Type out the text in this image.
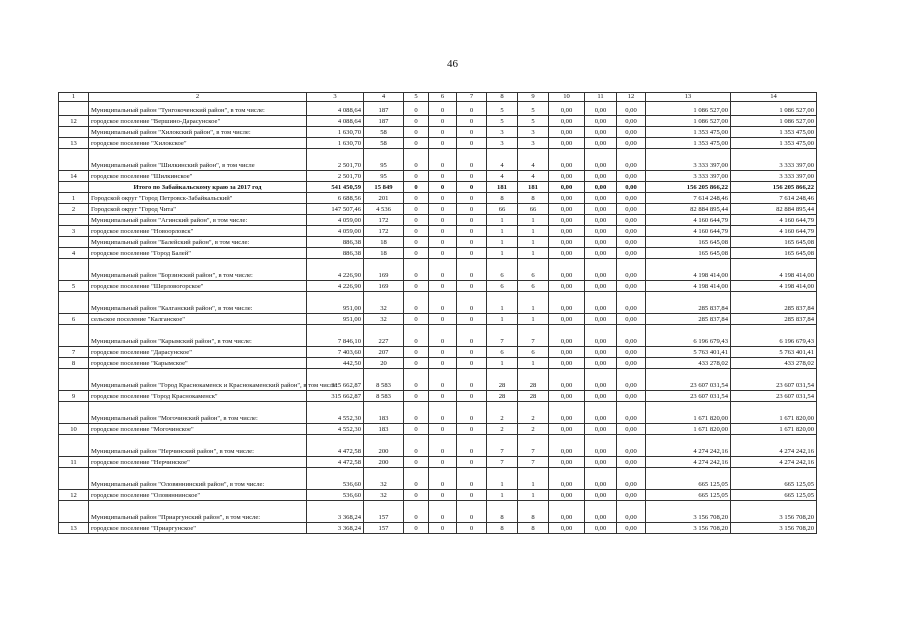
46
1	2	3	4	5	6	7	8	9	10	11	12	13	14
	Муниципальный район "Тунгокоченский район", в том числе:	4 088,64	187	0	0	0	5	5	0,00	0,00	0,00	1 086 527,00	1 086 527,00
12	городское поселение "Вершино-Дарасунское"	4 088,64	187	0	0	0	5	5	0,00	0,00	0,00	1 086 527,00	1 086 527,00
	Муниципальный район "Хилокский район", в том числе:	1 630,70	58	0	0	0	3	3	0,00	0,00	0,00	1 353 475,00	1 353 475,00
13	городское поселение "Хилокское"	1 630,70	58	0	0	0	3	3	0,00	0,00	0,00	1 353 475,00	1 353 475,00
	Муниципальный район "Шилкинский район", в том числе	2 501,70	95	0	0	0	4	4	0,00	0,00	0,00	3 333 397,00	3 333 397,00
14	городское поселение "Шилкинское"	2 501,70	95	0	0	0	4	4	0,00	0,00	0,00	3 333 397,00	3 333 397,00
	Итого по Забайкальскому краю за 2017 год	541 450,59	15 849	0	0	0	181	181	0,00	0,00	0,00	156 205 866,22	156 205 866,22
1	Городской округ "Город Петровск-Забайкальский"	6 688,56	201	0	0	0	8	8	0,00	0,00	0,00	7 614 248,46	7 614 248,46
2	Городской округ "Город Чита"	147 507,46	4 536	0	0	0	66	66	0,00	0,00	0,00	82 884 895,44	82 884 895,44
	Муниципальный район "Агинский район", в том числе:	4 059,00	172	0	0	0	1	1	0,00	0,00	0,00	4 160 644,79	4 160 644,79
3	городское поселение "Новоорловск"	4 059,00	172	0	0	0	1	1	0,00	0,00	0,00	4 160 644,79	4 160 644,79
	Муниципальный район "Балейский район", в том числе:	886,38	18	0	0	0	1	1	0,00	0,00	0,00	165 645,08	165 645,08
4	городское поселение "Город Балей"	886,38	18	0	0	0	1	1	0,00	0,00	0,00	165 645,08	165 645,08
	Муниципальный район "Борзинский район", в том числе:	4 226,90	169	0	0	0	6	6	0,00	0,00	0,00	4 198 414,00	4 198 414,00
5	городское поселение "Шерловогорское"	4 226,90	169	0	0	0	6	6	0,00	0,00	0,00	4 198 414,00	4 198 414,00
	Муниципальный район "Калганский район", в том числе:	951,00	32	0	0	0	1	1	0,00	0,00	0,00	285 837,84	285 837,84
6	сельское поселение "Калганское"	951,00	32	0	0	0	1	1	0,00	0,00	0,00	285 837,84	285 837,84
	Муниципальный район "Карымский район", в том числе:	7 846,10	227	0	0	0	7	7	0,00	0,00	0,00	6 196 679,43	6 196 679,43
7	городское поселение "Дарасунское"	7 403,60	207	0	0	0	6	6	0,00	0,00	0,00	5 763 401,41	5 763 401,41
8	городское поселение "Карымское"	442,50	20	0	0	0	1	1	0,00	0,00	0,00	433 278,02	433 278,02
	Муниципальный район "Город Краснокаменск и Краснокаменский район", в том числе:	315 662,87	8 583	0	0	0	28	28	0,00	0,00	0,00	23 607 031,54	23 607 031,54
9	городское поселение "Город Краснокаменск"	315 662,87	8 583	0	0	0	28	28	0,00	0,00	0,00	23 607 031,54	23 607 031,54
	Муниципальный район "Могочинский район", в том числе:	4 552,30	183	0	0	0	2	2	0,00	0,00	0,00	1 671 820,00	1 671 820,00
10	городское поселение "Могочинское"	4 552,30	183	0	0	0	2	2	0,00	0,00	0,00	1 671 820,00	1 671 820,00
	Муниципальный район "Нерчинский район", в том числе:	4 472,58	200	0	0	0	7	7	0,00	0,00	0,00	4 274 242,16	4 274 242,16
11	городское поселение "Нерчинское"	4 472,58	200	0	0	0	7	7	0,00	0,00	0,00	4 274 242,16	4 274 242,16
	Муниципальный район "Оловяннинский район", в том числе:	536,60	32	0	0	0	1	1	0,00	0,00	0,00	665 125,05	665 125,05
12	городское поселение "Оловяннинское"	536,60	32	0	0	0	1	1	0,00	0,00	0,00	665 125,05	665 125,05
	Муниципальный район "Приаргунский район", в том числе:	3 368,24	157	0	0	0	8	8	0,00	0,00	0,00	3 156 708,20	3 156 708,20
13	городское поселение "Приаргунское"	3 368,24	157	0	0	0	8	8	0,00	0,00	0,00	3 156 708,20	3 156 708,20
